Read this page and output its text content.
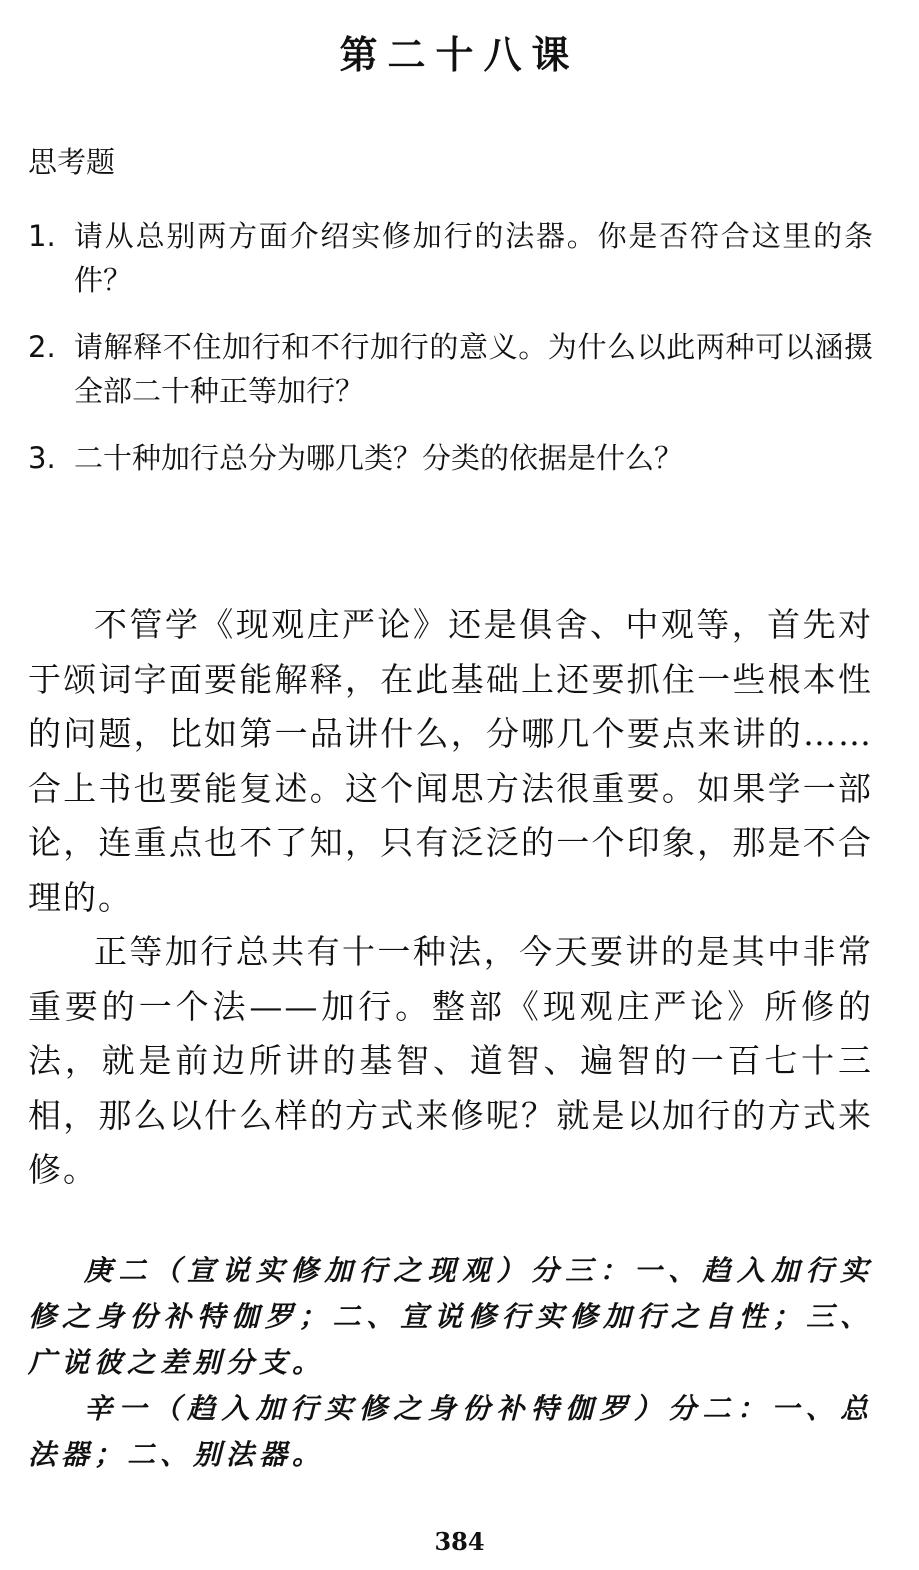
第二十八课
思考题
1. 请从总别两方面介绍实修加行的法器。你是否符合这里的条件？
2. 请解释不住加行和不行加行的意义。为什么以此两种可以涵摄全部二十种正等加行？
3. 二十种加行总分为哪几类？分类的依据是什么？

不管学《现观庄严论》还是俱舍、中观等，首先对于颂词字面要能解释，在此基础上还要抓住一些根本性的问题，比如第一品讲什么，分哪几个要点来讲的……合上书也要能复述。这个闻思方法很重要。如果学一部论，连重点也不了知，只有泛泛的一个印象，那是不合理的。

正等加行总共有十一种法，今天要讲的是其中非常重要的一个法——加行。整部《现观庄严论》所修的法，就是前边所讲的基智、道智、遍智的一百七十三相，那么以什么样的方式来修呢？就是以加行的方式来修。

庚二（宣说实修加行之现观）分三：一、趋入加行实修之身份补特伽罗；二、宣说修行实修加行之自性；三、广说彼之差别分支。

辛一（趋入加行实修之身份补特伽罗）分二：一、总法器；二、别法器。

384
